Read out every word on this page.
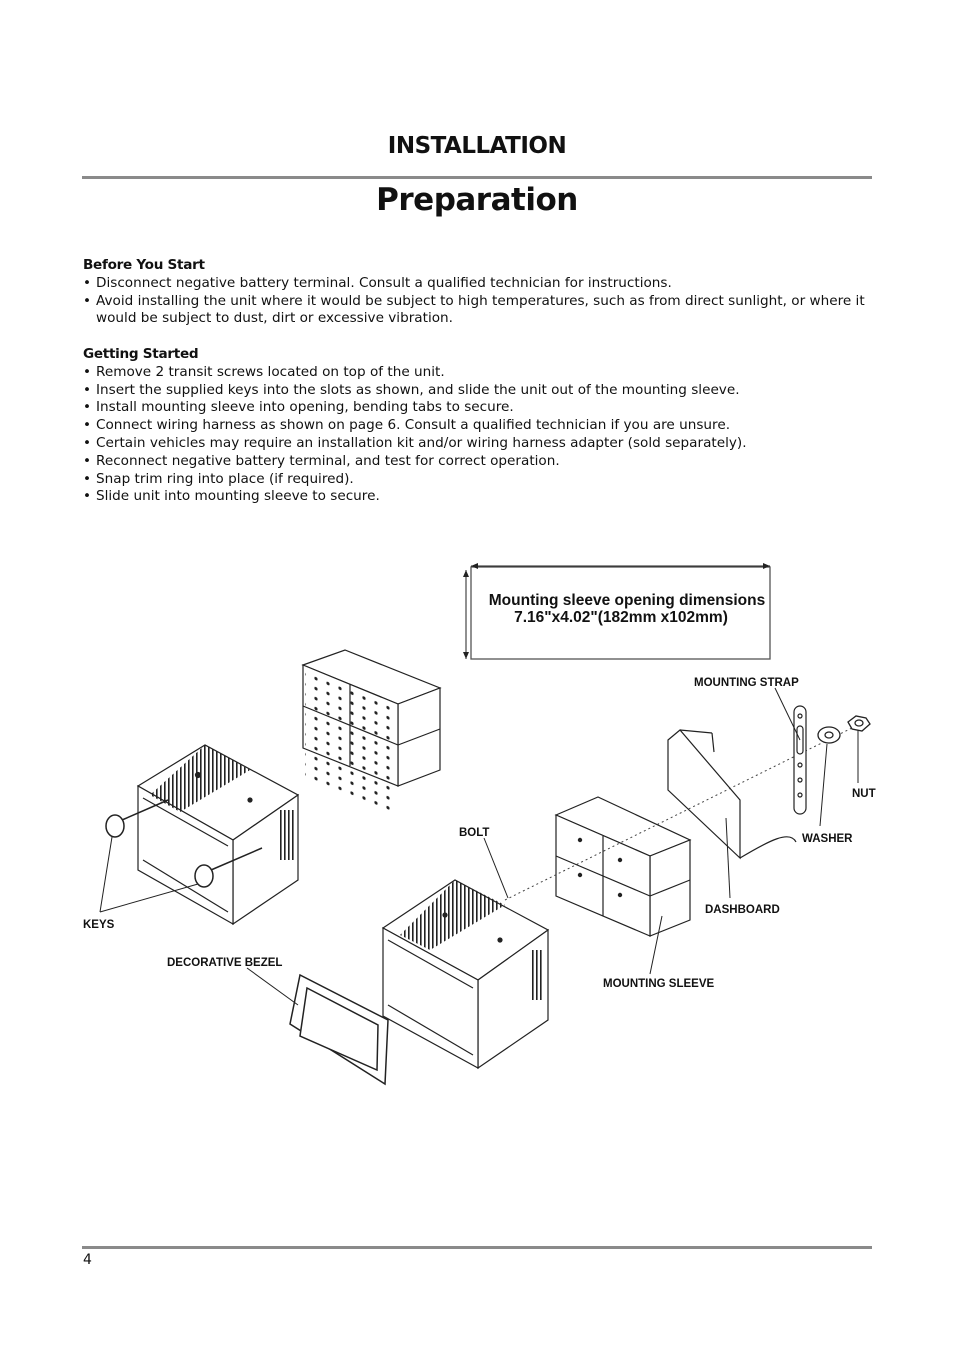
INSTALLATION
Preparation
Before You Start
• Disconnect negative battery terminal. Consult a qualified technician for instructions.
• Avoid installing the unit where it would be subject to high temperatures, such as from direct sunlight, or where it would be subject to dust, dirt or excessive vibration.
Getting Started
• Remove 2 transit screws located on top of the unit.
• Insert the supplied keys into the slots as shown, and slide the unit out of the mounting sleeve.
• Install mounting sleeve into opening, bending tabs to secure.
• Connect wiring harness as shown on page 6. Consult a qualified technician if you are unsure.
• Certain vehicles may require an installation kit and/or wiring harness adapter (sold separately).
• Reconnect negative battery terminal, and test for correct operation.
• Snap trim ring into place (if required).
• Slide unit into mounting sleeve to secure.
Mounting sleeve opening dimensions
7.16"x4.02"(182mm x102mm)
MOUNTING STRAP
NUT
WASHER
BOLT
DASHBOARD
KEYS
DECORATIVE BEZEL
MOUNTING SLEEVE
4
